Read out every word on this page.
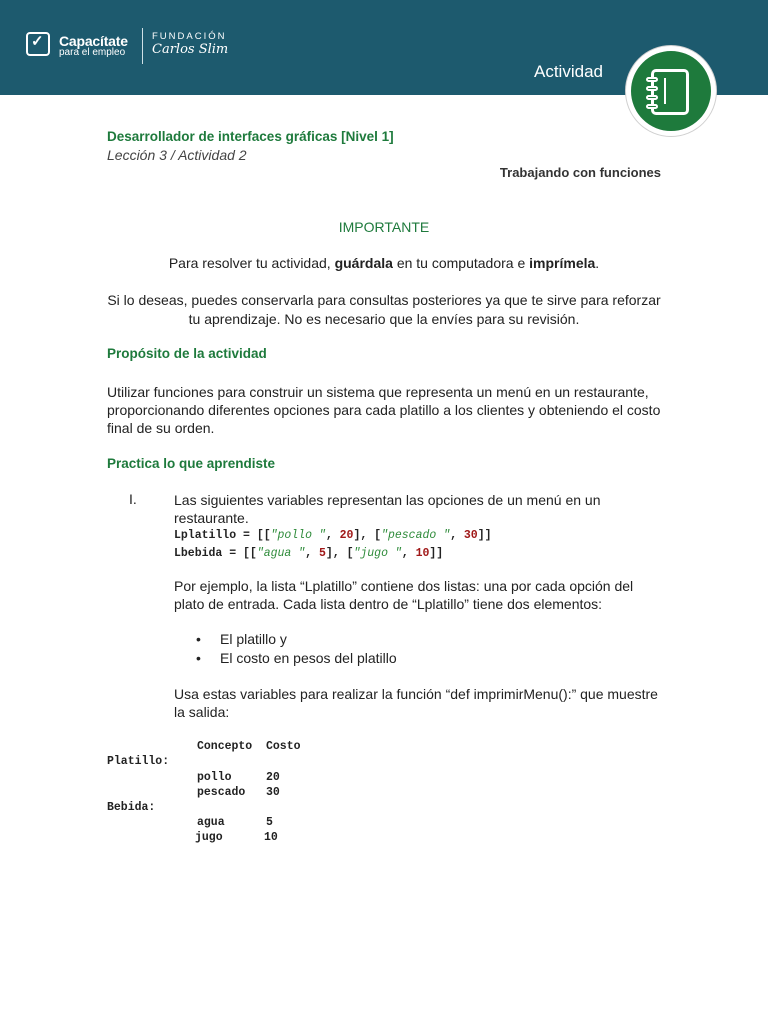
✓
Capacítate
para el empleo
FUNDACIÓN
Carlos Slim
Actividad
Desarrollador de interfaces gráficas [Nivel 1]
Lección 3 / Actividad 2
Trabajando con funciones
IMPORTANTE
Para resolver tu actividad, guárdala en tu computadora e imprímela.
Si lo deseas, puedes conservarla para consultas posteriores ya que te sirve para reforzar tu aprendizaje. No es necesario que la envíes para su revisión.
Propósito de la actividad
Utilizar funciones para construir un sistema que representa un menú en un restaurante, proporcionando diferentes opciones para cada platillo a los clientes y obteniendo el costo final de su orden.
Practica lo que aprendiste
I.	Las siguientes variables representan las opciones de un menú en un restaurante.
Lplatillo = [["pollo ", 20], ["pescado ", 30]]
Lbebida = [["agua ", 5], ["jugo ", 10]]
Por ejemplo, la lista “Lplatillo” contiene dos listas: una por cada opción del plato de entrada. Cada lista dentro de “Lplatillo” tiene dos elementos:
• El platillo y
• El costo en pesos del platillo
Usa estas variables para realizar la función “def imprimirMenu():” que muestre la salida:
Concepto Costo
Platillo:
pollo	20
pescado 30
Bebida:
agua	5
jugo	10
